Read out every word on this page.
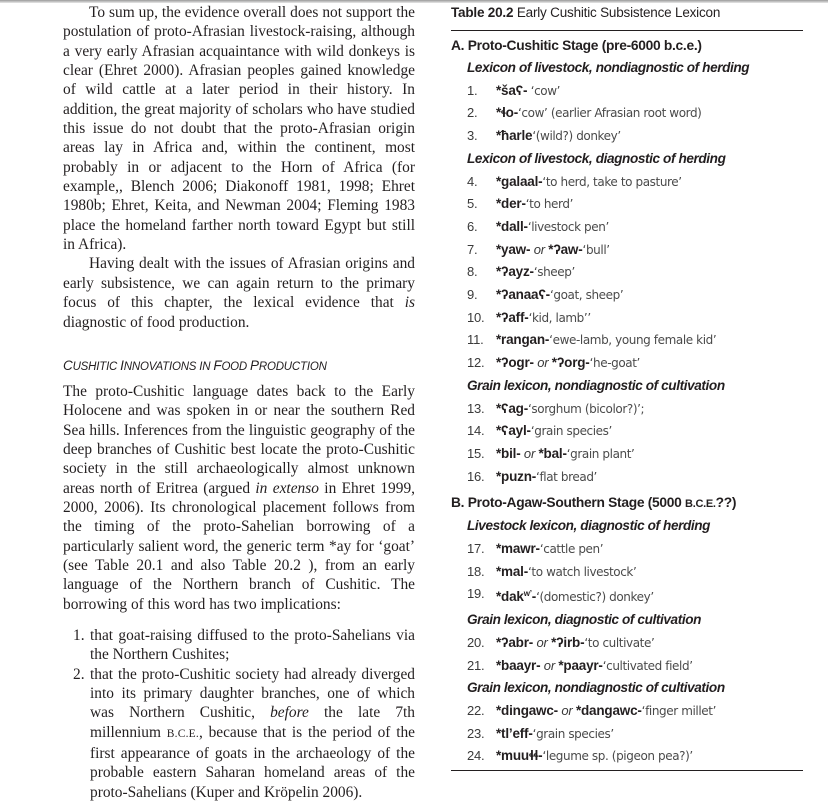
To sum up, the evidence overall does not support the postulation of proto-Afrasian livestock-raising, although a very early Afrasian acquaintance with wild donkeys is clear (Ehret 2000). Afrasian peoples gained knowledge of wild cattle at a later period in their history. In addition, the great majority of scholars who have studied this issue do not doubt that the proto-Afrasian origin areas lay in Africa and, within the continent, most probably in or adjacent to the Horn of Africa (for example,, Blench 2006; Diakonoff 1981, 1998; Ehret 1980b; Ehret, Keita, and Newman 2004; Fleming 1983 place the homeland farther north toward Egypt but still in Africa).

Having dealt with the issues of Afrasian origins and early subsistence, we can again return to the primary focus of this chapter, the lexical evidence that is diagnostic of food production.

CUSHITIC INNOVATIONS IN FOOD PRODUCTION

The proto-Cushitic language dates back to the Early Holocene and was spoken in or near the southern Red Sea hills. Inferences from the linguistic geography of the deep branches of Cushitic best locate the proto-Cushitic society in the still archaeologically almost unknown areas north of Eritrea (argued in extenso in Ehret 1999, 2000, 2006). Its chronological placement follows from the timing of the proto-Sahelian borrowing of a particularly salient word, the generic term *ay for ‘goat’ (see Table 20.1 and also Table 20.2 ), from an early language of the Northern branch of Cushitic. The borrowing of this word has two implications:

1. that goat-raising diffused to the proto-Sahelians via the Northern Cushites;
2. that the proto-Cushitic society had already diverged into its primary daughter branches, one of which was Northern Cushitic, before the late 7th millennium B.C.E., because that is the period of the first appearance of goats in the archaeology of the probable eastern Saharan homeland areas of the proto-Sahelians (Kuper and Kröpelin 2006).
Table 20.2 Early Cushitic Subsistence Lexicon
A. Proto-Cushitic Stage (pre-6000 b.c.e.)
Lexicon of livestock, nondiagnostic of herding
1. *šaʕ- ‘cow’
2. *ɬo-‘cow’ (earlier Afrasian root word)
3. *ħarle‘(wild?) donkey’
Lexicon of livestock, diagnostic of herding
4. *galaal-‘to herd, take to pasture’
5. *der-‘to herd’
6. *dall-‘livestock pen’
7. *yaw- or *ʔaw-‘bull’
8. *ʔayz-‘sheep’
9. *ʔanaaʕ-‘goat, sheep’
10. *ʔaff-‘kid, lamb’’
11. *rangan-‘ewe-lamb, young female kid’
12. *ʔogr- or *ʔorg-‘he-goat’
Grain lexicon, nondiagnostic of cultivation
13. *ʕag-‘sorghum (bicolor?)’;
14. *ʕayl-‘grain species’
15. *bil- or *bal-‘grain plant’
16. *puzn-‘flat bread’
B. Proto-Agaw-Southern Stage (5000 B.C.E.??)
Livestock lexicon, diagnostic of herding
17. *mawr-‘cattle pen’
18. *mal-‘to watch livestock’
19. *dak$^{w’}$-‘(domestic?) donkey’
Grain lexicon, diagnostic of cultivation
20. *ʔabr- or *ʔirb-‘to cultivate’
21. *baayr- or *paayr-‘cultivated field’
Grain lexicon, nondiagnostic of cultivation
22. *dingawc- or *dangawc-‘finger millet’
23. *tl’eff-‘grain species’
24. *muuɬɬ-‘legume sp. (pigeon pea?)’
